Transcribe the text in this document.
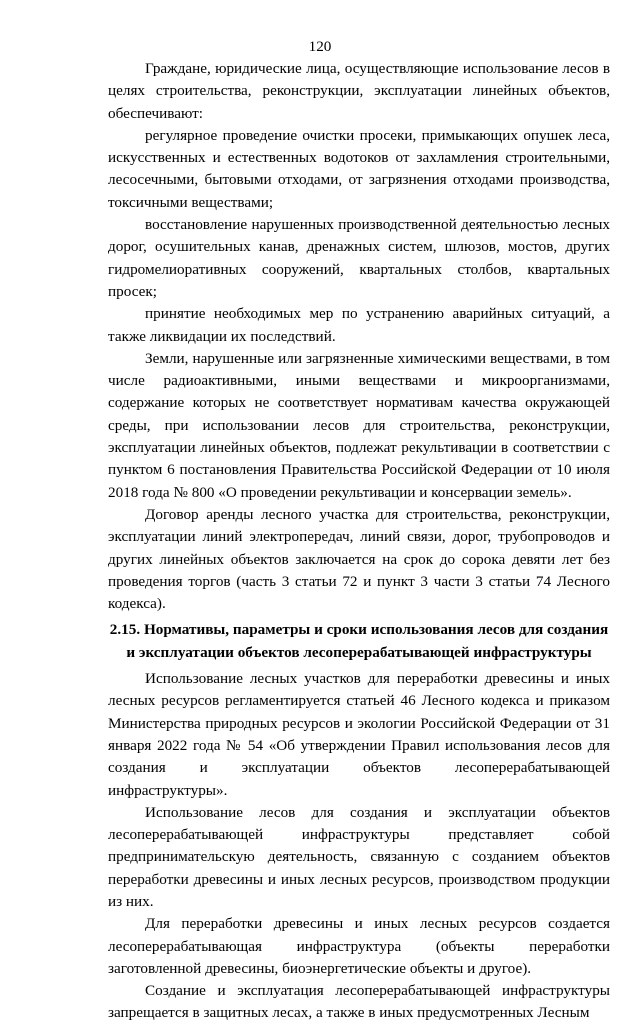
120

Граждане, юридические лица, осуществляющие использование лесов в целях строительства, реконструкции, эксплуатации линейных объектов, обеспечивают:

регулярное проведение очистки просеки, примыкающих опушек леса, искусственных и естественных водотоков от захламления строительными, лесосечными, бытовыми отходами, от загрязнения отходами производства, токсичными веществами;

восстановление нарушенных производственной деятельностью лесных дорог, осушительных канав, дренажных систем, шлюзов, мостов, других гидромелиоративных сооружений, квартальных столбов, квартальных просек;

принятие необходимых мер по устранению аварийных ситуаций, а также ликвидации их последствий.

Земли, нарушенные или загрязненные химическими веществами, в том числе радиоактивными, иными веществами и микроорганизмами, содержание которых не соответствует нормативам качества окружающей среды, при использовании лесов для строительства, реконструкции, эксплуатации линейных объектов, подлежат рекультивации в соответствии с пунктом 6 постановления Правительства Российской Федерации от 10 июля 2018 года № 800 «О проведении рекультивации и консервации земель».

Договор аренды лесного участка для строительства, реконструкции, эксплуатации линий электропередач, линий связи, дорог, трубопроводов и других линейных объектов заключается на срок до сорока девяти лет без проведения торгов (часть 3 статьи 72 и пункт 3 части 3 статьи 74 Лесного кодекса).

2.15. Нормативы, параметры и сроки использования лесов для создания и эксплуатации объектов лесоперерабатывающей инфраструктуры

Использование лесных участков для переработки древесины и иных лесных ресурсов регламентируется статьей 46 Лесного кодекса и приказом Министерства природных ресурсов и экологии Российской Федерации от 31 января 2022 года № 54 «Об утверждении Правил использования лесов для создания и эксплуатации объектов лесоперерабатывающей инфраструктуры».

Использование лесов для создания и эксплуатации объектов лесоперерабатывающей инфраструктуры представляет собой предпринимательскую деятельность, связанную с созданием объектов переработки древесины и иных лесных ресурсов, производством продукции из них.

Для переработки древесины и иных лесных ресурсов создается лесоперерабатывающая инфраструктура (объекты переработки заготовленной древесины, биоэнергетические объекты и другое).

Создание и эксплуатация лесоперерабатывающей инфраструктуры запрещается в защитных лесах, а также в иных предусмотренных Лесным
